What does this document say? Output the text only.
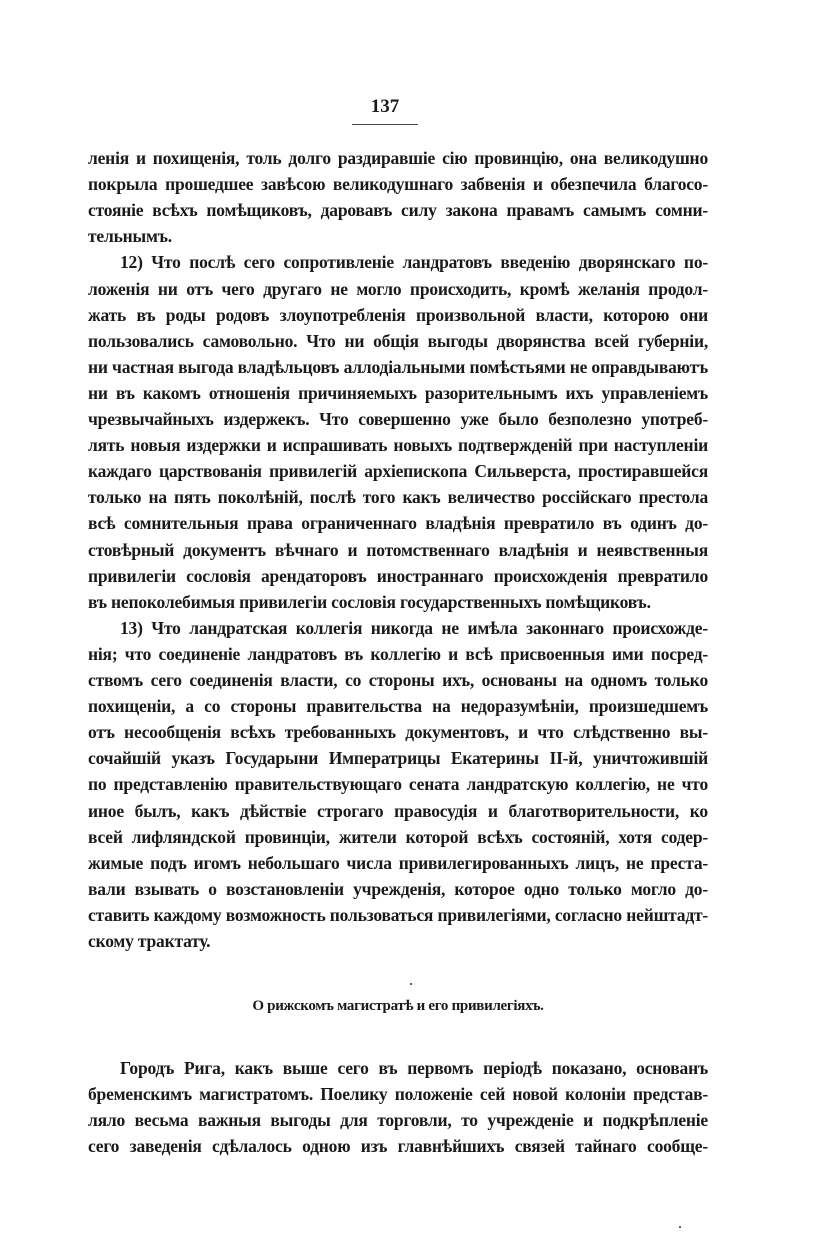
137
ленія и похищенія, толь долго раздиравшіе сію провинцію, она великодушно
покрыла прошедшее завѣсою великодушнаго забвенія и обезпечила благосо-
стояніе всѣхъ помѣщиковъ, даровавъ силу закона правамъ самымъ сомни-
тельнымъ.
12) Что послѣ сего сопротивленіе ландратовъ введенію дворянскаго по-
ложенія ни отъ чего другаго не могло происходить, кромѣ желанія продол-
жать въ роды родовъ злоупотребленія произвольной власти, которою они
пользовались самовольно. Что ни общія выгоды дворянства всей губерніи,
ни частная выгода владѣльцовъ аллодіальными помѣстьями не оправдываютъ
ни въ какомъ отношенія причиняемыхъ разорительнымъ ихъ управленіемъ
чрезвычайныхъ издержекъ. Что совершенно уже было безполезно употреб-
лять новыя издержки и испрашивать новыхъ подтвержденій при наступленіи
каждаго царствованія привилегій архіепископа Сильверста, простиравшейся
только на пять поколѣній, послѣ того какъ величество россійскаго престола
всѣ сомнительныя права ограниченнаго владѣнія превратило въ одинъ до-
стовѣрный документъ вѣчнаго и потомственнаго владѣнія и неявственныя
привилегіи сословія арендаторовъ иностраннаго происхожденія превратило
въ непоколебимыя привилегіи сословія государственныхъ помѣщиковъ.
13) Что ландратская коллегія никогда не имѣла законнаго происхожде-
нія; что соединеніе ландратовъ въ коллегію и всѣ присвоенныя ими посред-
ствомъ сего соединенія власти, со стороны ихъ, основаны на одномъ только
похищеніи, а со стороны правительства на недоразумѣніи, произшедшемъ
отъ несообщенія всѣхъ требованныхъ документовъ, и что слѣдственно вы-
сочайшій указъ Государыни Императрицы Екатерины II-й, уничтожившій
по представленію правительствующаго сената ландратскую коллегію, не что
иное былъ, какъ дѣйствіе строгаго правосудія и благотворительности, ко
всей лифляндской провинціи, жители которой всѣхъ состояній, хотя содер-
жимые подъ игомъ небольшаго числа привилегированныхъ лицъ, не преста-
вали взывать о возстановленіи учрежденія, которое одно только могло до-
ставить каждому возможность пользоваться привилегіями, согласно нейштадт-
скому трактату.
Городъ Рига, какъ выше сего въ первомъ періодѣ показано, основанъ
бременскимъ магистратомъ. Поелику положеніе сей новой колоніи представ-
ляло весьма важныя выгоды для торговли, то учрежденіе и подкрѣпленіе
сего заведенія сдѣлалось одною изъ главнѣйшихъ связей тайнаго сообще-
О рижскомъ магистратѣ и его привилегіяхъ.
